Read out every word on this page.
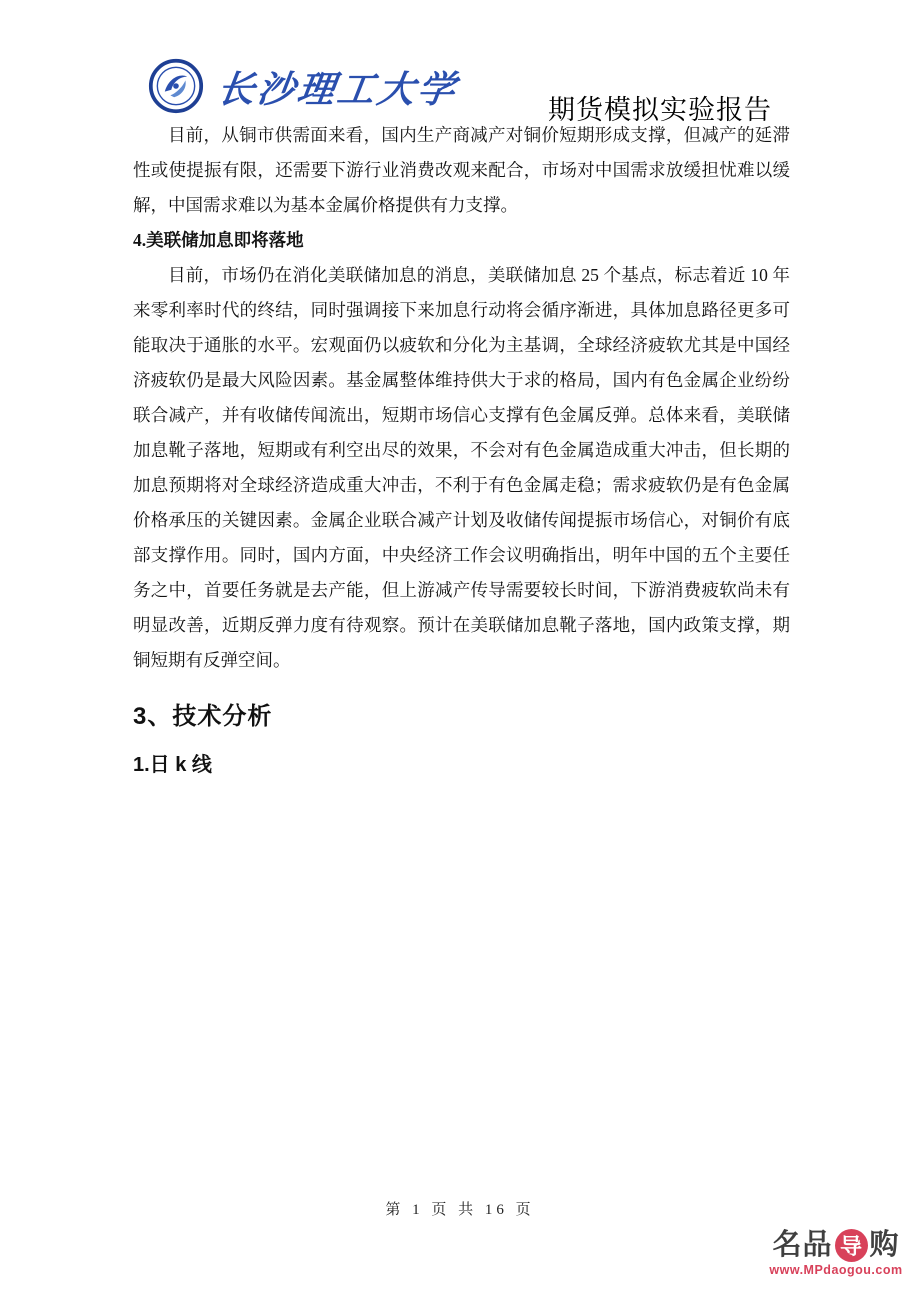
长沙理工大学	期货模拟实验报告

目前，从铜市供需面来看，国内生产商减产对铜价短期形成支撑，但减产的延滞性或使提振有限，还需要下游行业消费改观来配合，市场对中国需求放缓担忧难以缓解，中国需求难以为基本金属价格提供有力支撑。

4.美联储加息即将落地

目前，市场仍在消化美联储加息的消息，美联储加息 25 个基点，标志着近 10 年来零利率时代的终结，同时强调接下来加息行动将会循序渐进，具体加息路径更多可能取决于通胀的水平。宏观面仍以疲软和分化为主基调，全球经济疲软尤其是中国经济疲软仍是最大风险因素。基金属整体维持供大于求的格局，国内有色金属企业纷纷联合减产，并有收储传闻流出，短期市场信心支撑有色金属反弹。总体来看，美联储加息靴子落地，短期或有利空出尽的效果，不会对有色金属造成重大冲击，但长期的加息预期将对全球经济造成重大冲击，不利于有色金属走稳；需求疲软仍是有色金属价格承压的关键因素。金属企业联合减产计划及收储传闻提振市场信心，对铜价有底部支撑作用。同时，国内方面，中央经济工作会议明确指出，明年中国的五个主要任务之中，首要任务就是去产能，但上游减产传导需要较长时间，下游消费疲软尚未有明显改善，近期反弹力度有待观察。预计在美联储加息靴子落地，国内政策支撑，期铜短期有反弹空间。

3、技术分析
1.日 k 线
第 1 页 共 16 页
名品 导 购
www.MPdaogou.com
